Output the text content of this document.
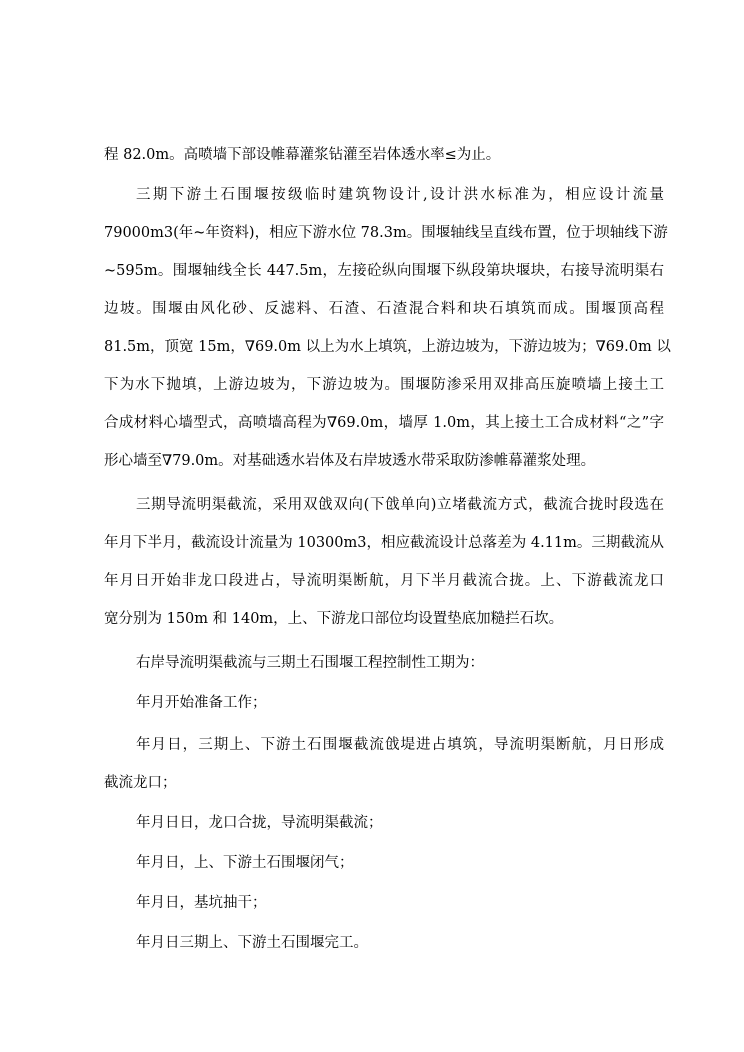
程 82.0m。高喷墙下部设帷幕灌浆钻灌至岩体透水率≤为止。
三期下游土石围堰按级临时建筑物设计,设计洪水标准为，相应设计流量
79000m3(年~年资料)，相应下游水位 78.3m。围堰轴线呈直线布置，位于坝轴线下游
~595m。围堰轴线全长 447.5m，左接砼纵向围堰下纵段第块堰块，右接导流明渠右
边坡。围堰由风化砂、反滤料、石渣、石渣混合料和块石填筑而成。围堰顶高程
81.5m，顶宽 15m，∇69.0m 以上为水上填筑，上游边坡为，下游边坡为；∇69.0m 以
下为水下抛填，上游边坡为，下游边坡为。围堰防渗采用双排高压旋喷墙上接土工
合成材料心墙型式，高喷墙高程为∇69.0m，墙厚 1.0m，其上接土工合成材料“之”字
形心墙至∇79.0m。对基础透水岩体及右岸坡透水带采取防渗帷幕灌浆处理。
三期导流明渠截流，采用双戗双向(下戗单向)立堵截流方式，截流合拢时段选在
年月下半月，截流设计流量为 10300m3，相应截流设计总落差为 4.11m。三期截流从
年月日开始非龙口段进占，导流明渠断航，月下半月截流合拢。上、下游截流龙口
宽分别为 150m 和 140m，上、下游龙口部位均设置垫底加糙拦石坎。
右岸导流明渠截流与三期土石围堰工程控制性工期为：
年月开始准备工作；
年月日，三期上、下游土石围堰截流戗堤进占填筑，导流明渠断航，月日形成
截流龙口；
年月日日，龙口合拢，导流明渠截流；
年月日，上、下游土石围堰闭气；
年月日，基坑抽干；
年月日三期上、下游土石围堰完工。
